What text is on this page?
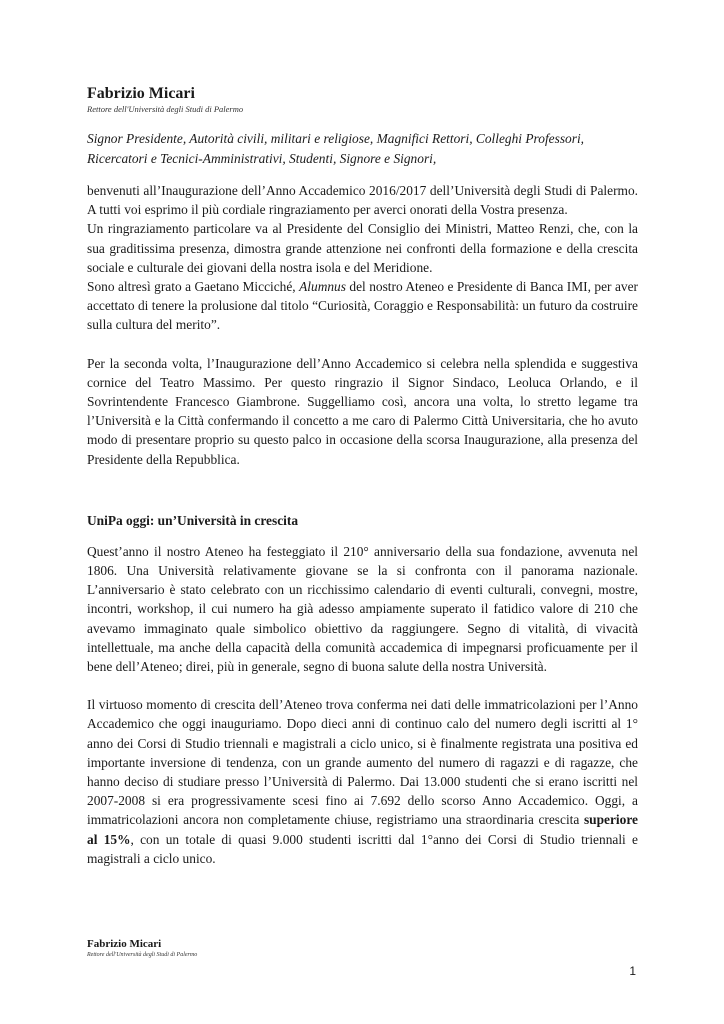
Fabrizio Micari

Rettore dell'Università degli Studi di Palermo

Signor Presidente, Autorità civili, militari e religiose, Magnifici Rettori, Colleghi Professori, Ricercatori e Tecnici-Amministrativi, Studenti, Signore e Signori,

benvenuti all’Inaugurazione dell’Anno Accademico 2016/2017 dell’Università degli Studi di Palermo. A tutti voi esprimo il più cordiale ringraziamento per averci onorati della Vostra presenza.

Un ringraziamento particolare va al Presidente del Consiglio dei Ministri, Matteo Renzi, che, con la sua graditissima presenza, dimostra grande attenzione nei confronti della formazione e della crescita sociale e culturale dei giovani della nostra isola e del Meridione.

Sono altresì grato a Gaetano Micciché, Alumnus del nostro Ateneo e Presidente di Banca IMI, per aver accettato di tenere la prolusione dal titolo “Curiosità, Coraggio e Responsabilità: un futuro da costruire sulla cultura del merito”.

Per la seconda volta, l’Inaugurazione dell’Anno Accademico si celebra nella splendida e suggestiva cornice del Teatro Massimo. Per questo ringrazio il Signor Sindaco, Leoluca Orlando, e il Sovrintendente Francesco Giambrone. Suggelliamo così, ancora una volta, lo stretto legame tra l’Università e la Città confermando il concetto a me caro di Palermo Città Universitaria, che ho avuto modo di presentare proprio su questo palco in occasione della scorsa Inaugurazione, alla presenza del Presidente della Repubblica.

UniPa oggi: un’Università in crescita

Quest’anno il nostro Ateneo ha festeggiato il 210° anniversario della sua fondazione, avvenuta nel 1806. Una Università relativamente giovane se la si confronta con il panorama nazionale. L’anniversario è stato celebrato con un ricchissimo calendario di eventi culturali, convegni, mostre, incontri, workshop, il cui numero ha già adesso ampiamente superato il fatidico valore di 210 che avevamo immaginato quale simbolico obiettivo da raggiungere. Segno di vitalità, di vivacità intellettuale, ma anche della capacità della comunità accademica di impegnarsi proficuamente per il bene dell’Ateneo; direi, più in generale, segno di buona salute della nostra Università.

Il virtuoso momento di crescita dell’Ateneo trova conferma nei dati delle immatricolazioni per l’Anno Accademico che oggi inauguriamo. Dopo dieci anni di continuo calo del numero degli iscritti al 1° anno dei Corsi di Studio triennali e magistrali a ciclo unico, si è finalmente registrata una positiva ed importante inversione di tendenza, con un grande aumento del numero di ragazzi e di ragazze, che hanno deciso di studiare presso l’Università di Palermo. Dai 13.000 studenti che si erano iscritti nel 2007-2008 si era progressivamente scesi fino ai 7.692 dello scorso Anno Accademico. Oggi, a immatricolazioni ancora non completamente chiuse, registriamo una straordinaria crescita superiore al 15%, con un totale di quasi 9.000 studenti iscritti dal 1°anno dei Corsi di Studio triennali e magistrali a ciclo unico.

Fabrizio Micari

Rettore dell'Università degli Studi di Palermo

1
